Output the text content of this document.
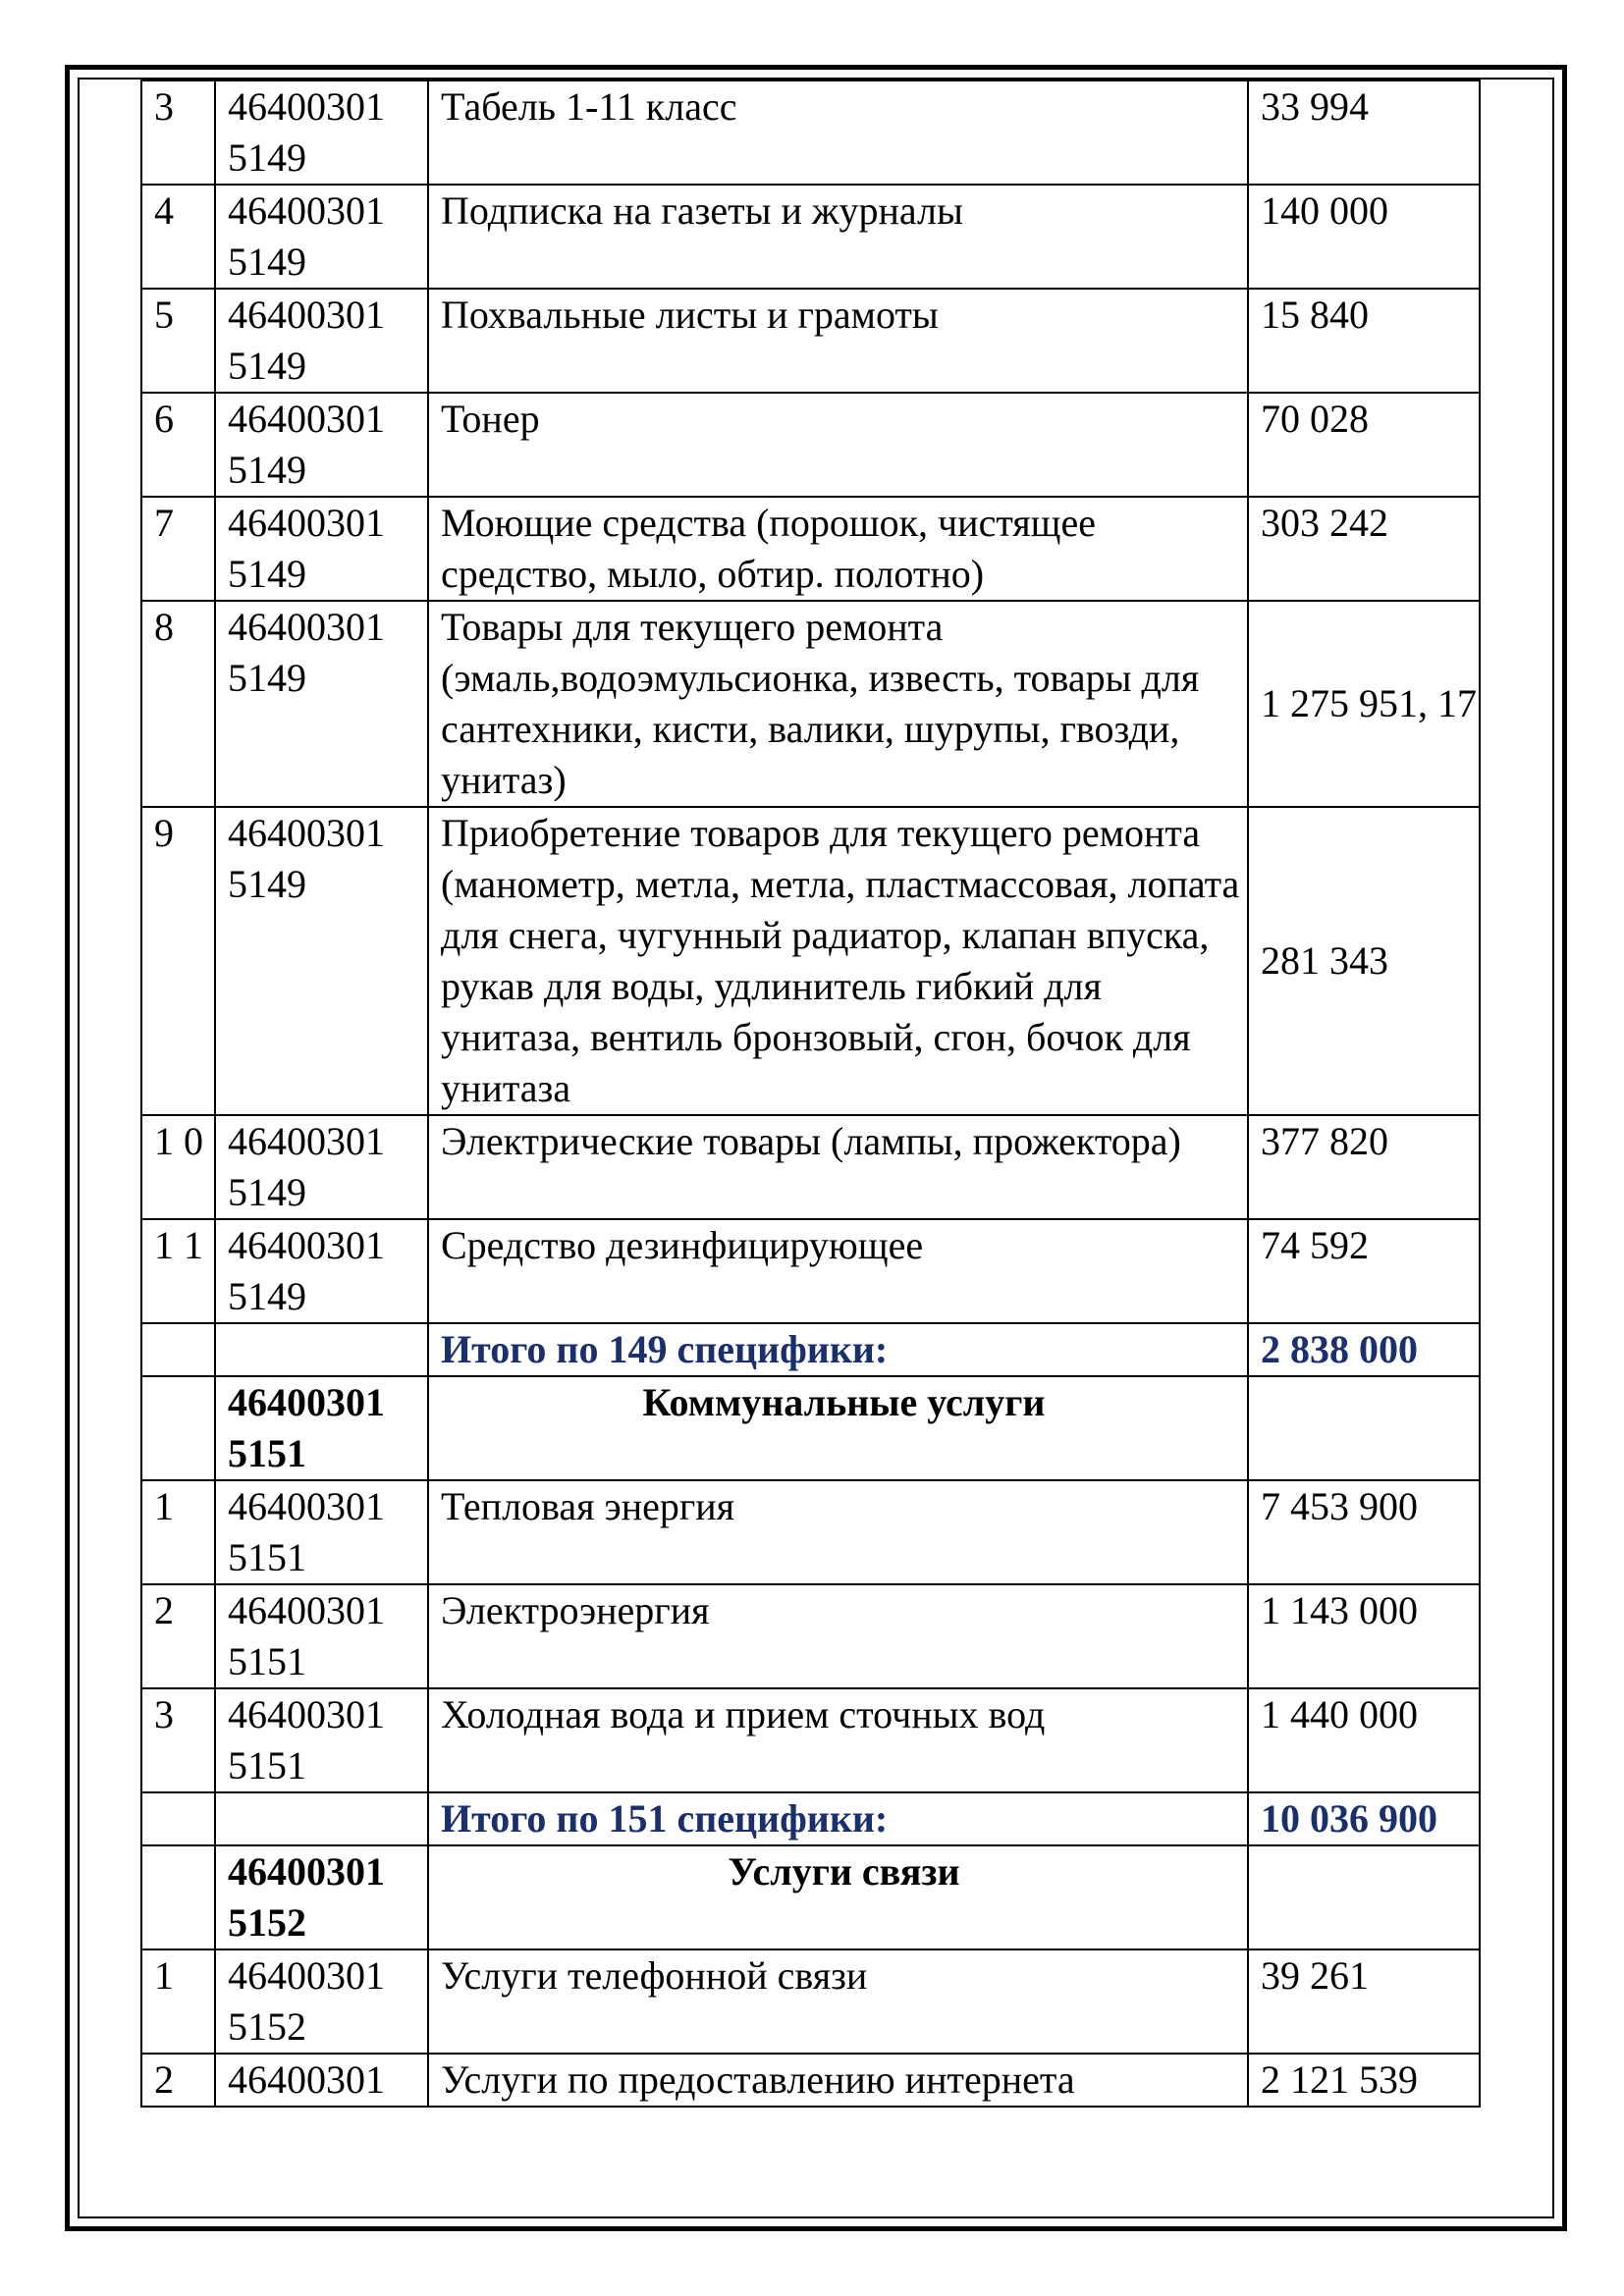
3	46400301 5149	Табель 1-11 класс	33 994
4	46400301 5149	Подписка на газеты и журналы	140 000
5	46400301 5149	Похвальные листы и грамоты	15 840
6	46400301 5149	Тонер	70 028
7	46400301 5149	Моющие средства (порошок, чистящее средство, мыло, обтир. полотно)	303 242
8	46400301 5149	Товары для текущего ремонта (эмаль,водоэмульсионка, известь, товары для сантехники, кисти, валики, шурупы, гвозди, унитаз)	1 275 951, 17
9	46400301 5149	Приобретение товаров для текущего ремонта (манометр, метла, метла, пластмассовая, лопата для снега, чугунный радиатор, клапан впуска, рукав для воды, удлинитель гибкий для унитаза, вентиль бронзовый, сгон, бочок для унитаза	281 343
1 0	46400301 5149	Электрические товары (лампы, прожектора)	377 820
1 1	46400301 5149	Средство дезинфицирующее	74 592
		Итого по 149 специфики:	2 838 000
	46400301 5151	Коммунальные услуги	
1	46400301 5151	Тепловая энергия	7 453 900
2	46400301 5151	Электроэнергия	1 143 000
3	46400301 5151	Холодная вода и прием сточных вод	1 440 000
		Итого по 151 специфики:	10 036 900
	46400301 5152	Услуги связи	
1	46400301 5152	Услуги телефонной связи	39 261
2	46400301	Услуги по предоставлению интернета	2 121 539
